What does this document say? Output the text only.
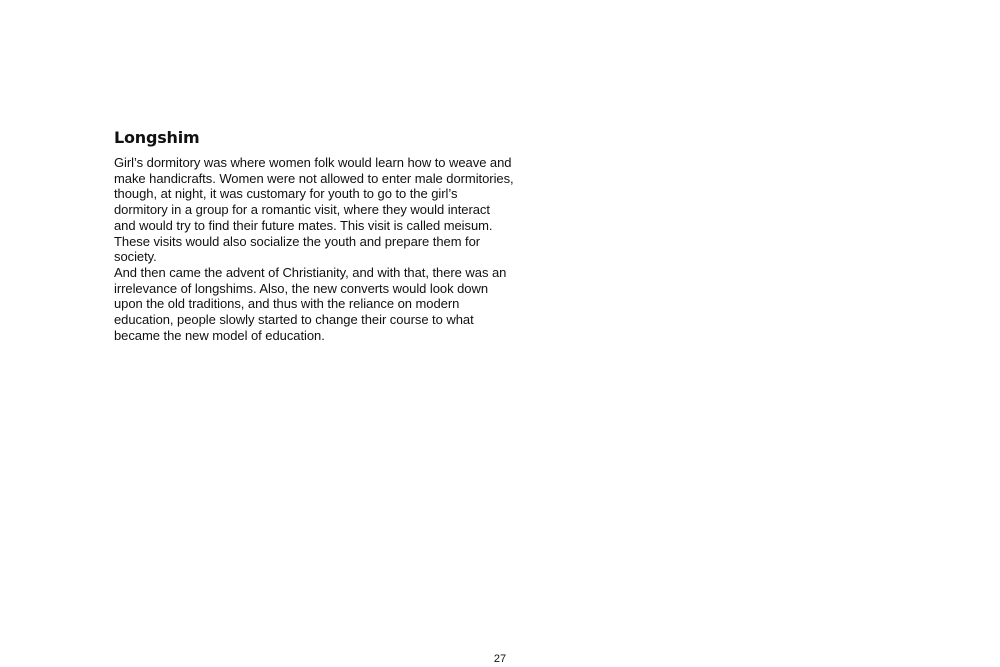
Longshim

Girl’s dormitory was where women folk would learn how to weave and make handicrafts. Women were not allowed to enter male dormitories, though, at night, it was customary for youth to go to the girl’s dormitory in a group for a romantic visit, where they would interact and would try to find their future mates. This visit is called meisum. These visits would also socialize the youth and prepare them for society.

And then came the advent of Christianity, and with that, there was an irrelevance of longshims. Also, the new converts would look down upon the old traditions, and thus with the reliance on modern education, people slowly started to change their course to what became the new model of education.

27
